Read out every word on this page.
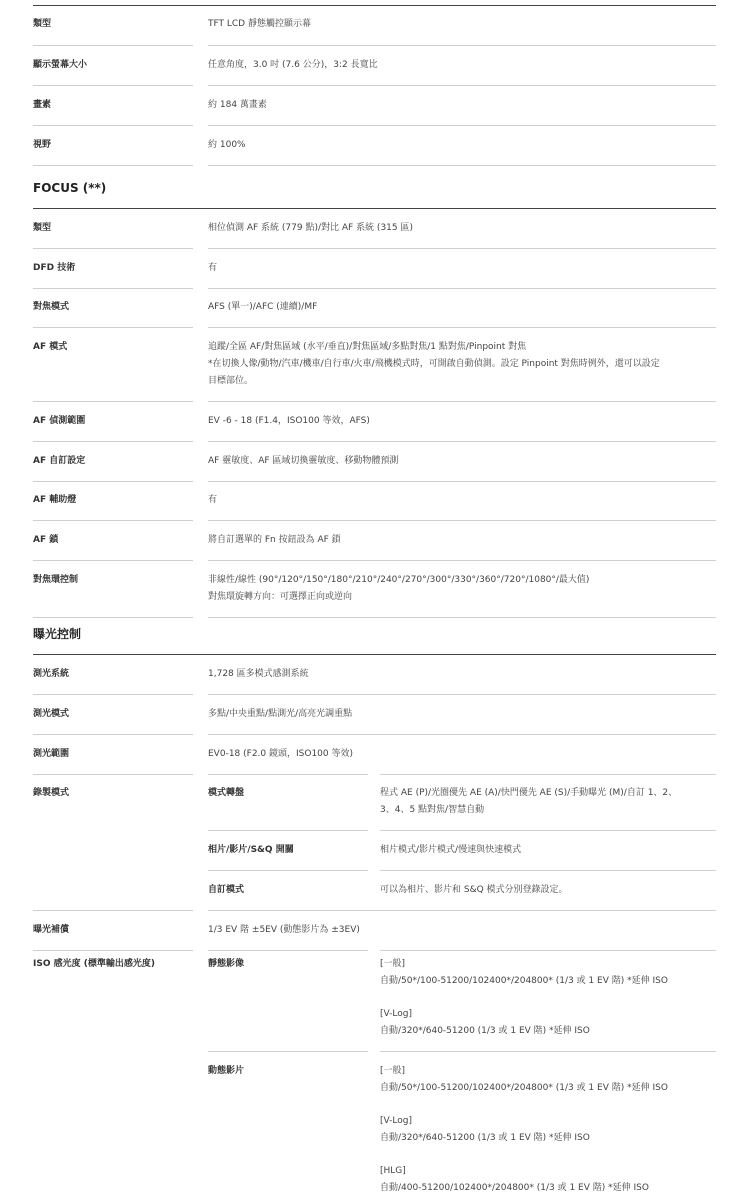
類型	TFT LCD 靜態觸控顯示幕
顯示螢幕大小	任意角度，3.0 吋 (7.6 公分)，3:2 長寬比
畫素	約 184 萬畫素
視野	約 100%
FOCUS (**)
類型	相位偵測 AF 系統 (779 點)/對比 AF 系統 (315 區)
DFD 技術	有
對焦模式	AFS (單一)/AFC (連續)/MF
AF 模式	追蹤/全區 AF/對焦區域 (水平/垂直)/對焦區域/多點對焦/1 點對焦/Pinpoint 對焦
*在切換人像/動物/汽車/機車/自行車/火車/飛機模式時，可開啟自動偵測。設定 Pinpoint 對焦時例外，還可以設定
目標部位。
AF 偵測範圍	EV -6 - 18 (F1.4，ISO100 等效，AFS)
AF 自訂設定	AF 靈敏度、AF 區域切換靈敏度、移動物體預測
AF 輔助燈	有
AF 鎖	將自訂選單的 Fn 按鈕設為 AF 鎖
對焦環控制	非線性/線性 (90°/120°/150°/180°/210°/240°/270°/300°/330°/360°/720°/1080°/最大值)
對焦環旋轉方向：可選擇正向或逆向
曝光控制
測光系統	1,728 區多模式感測系統
測光模式	多點/中央重點/點測光/高亮光調重點
測光範圍	EV0-18 (F2.0 鏡頭，ISO100 等效)
錄製模式	模式轉盤	程式 AE (P)/光圈優先 AE (A)/快門優先 AE (S)/手動曝光 (M)/自訂 1、2、
3、4、5 點對焦/智慧自動
相片/影片/S&Q 開關	相片模式/影片模式/慢速與快速模式
自訂模式	可以為相片、影片和 S&Q 模式分別登錄設定。
曝光補償	1/3 EV 階 ±5EV (動態影片為 ±3EV)
ISO 感光度 (標準輸出感光度)	靜態影像	[一般]
自動/50*/100-51200/102400*/204800* (1/3 或 1 EV 階) *延伸 ISO
[V-Log]
自動/320*/640-51200 (1/3 或 1 EV 階) *延伸 ISO
動態影片	[一般]
自動/50*/100-51200/102400*/204800* (1/3 或 1 EV 階) *延伸 ISO
[V-Log]
自動/320*/640-51200 (1/3 或 1 EV 階) *延伸 ISO
[HLG]
自動/400-51200/102400*/204800* (1/3 或 1 EV 階) *延伸 ISO
